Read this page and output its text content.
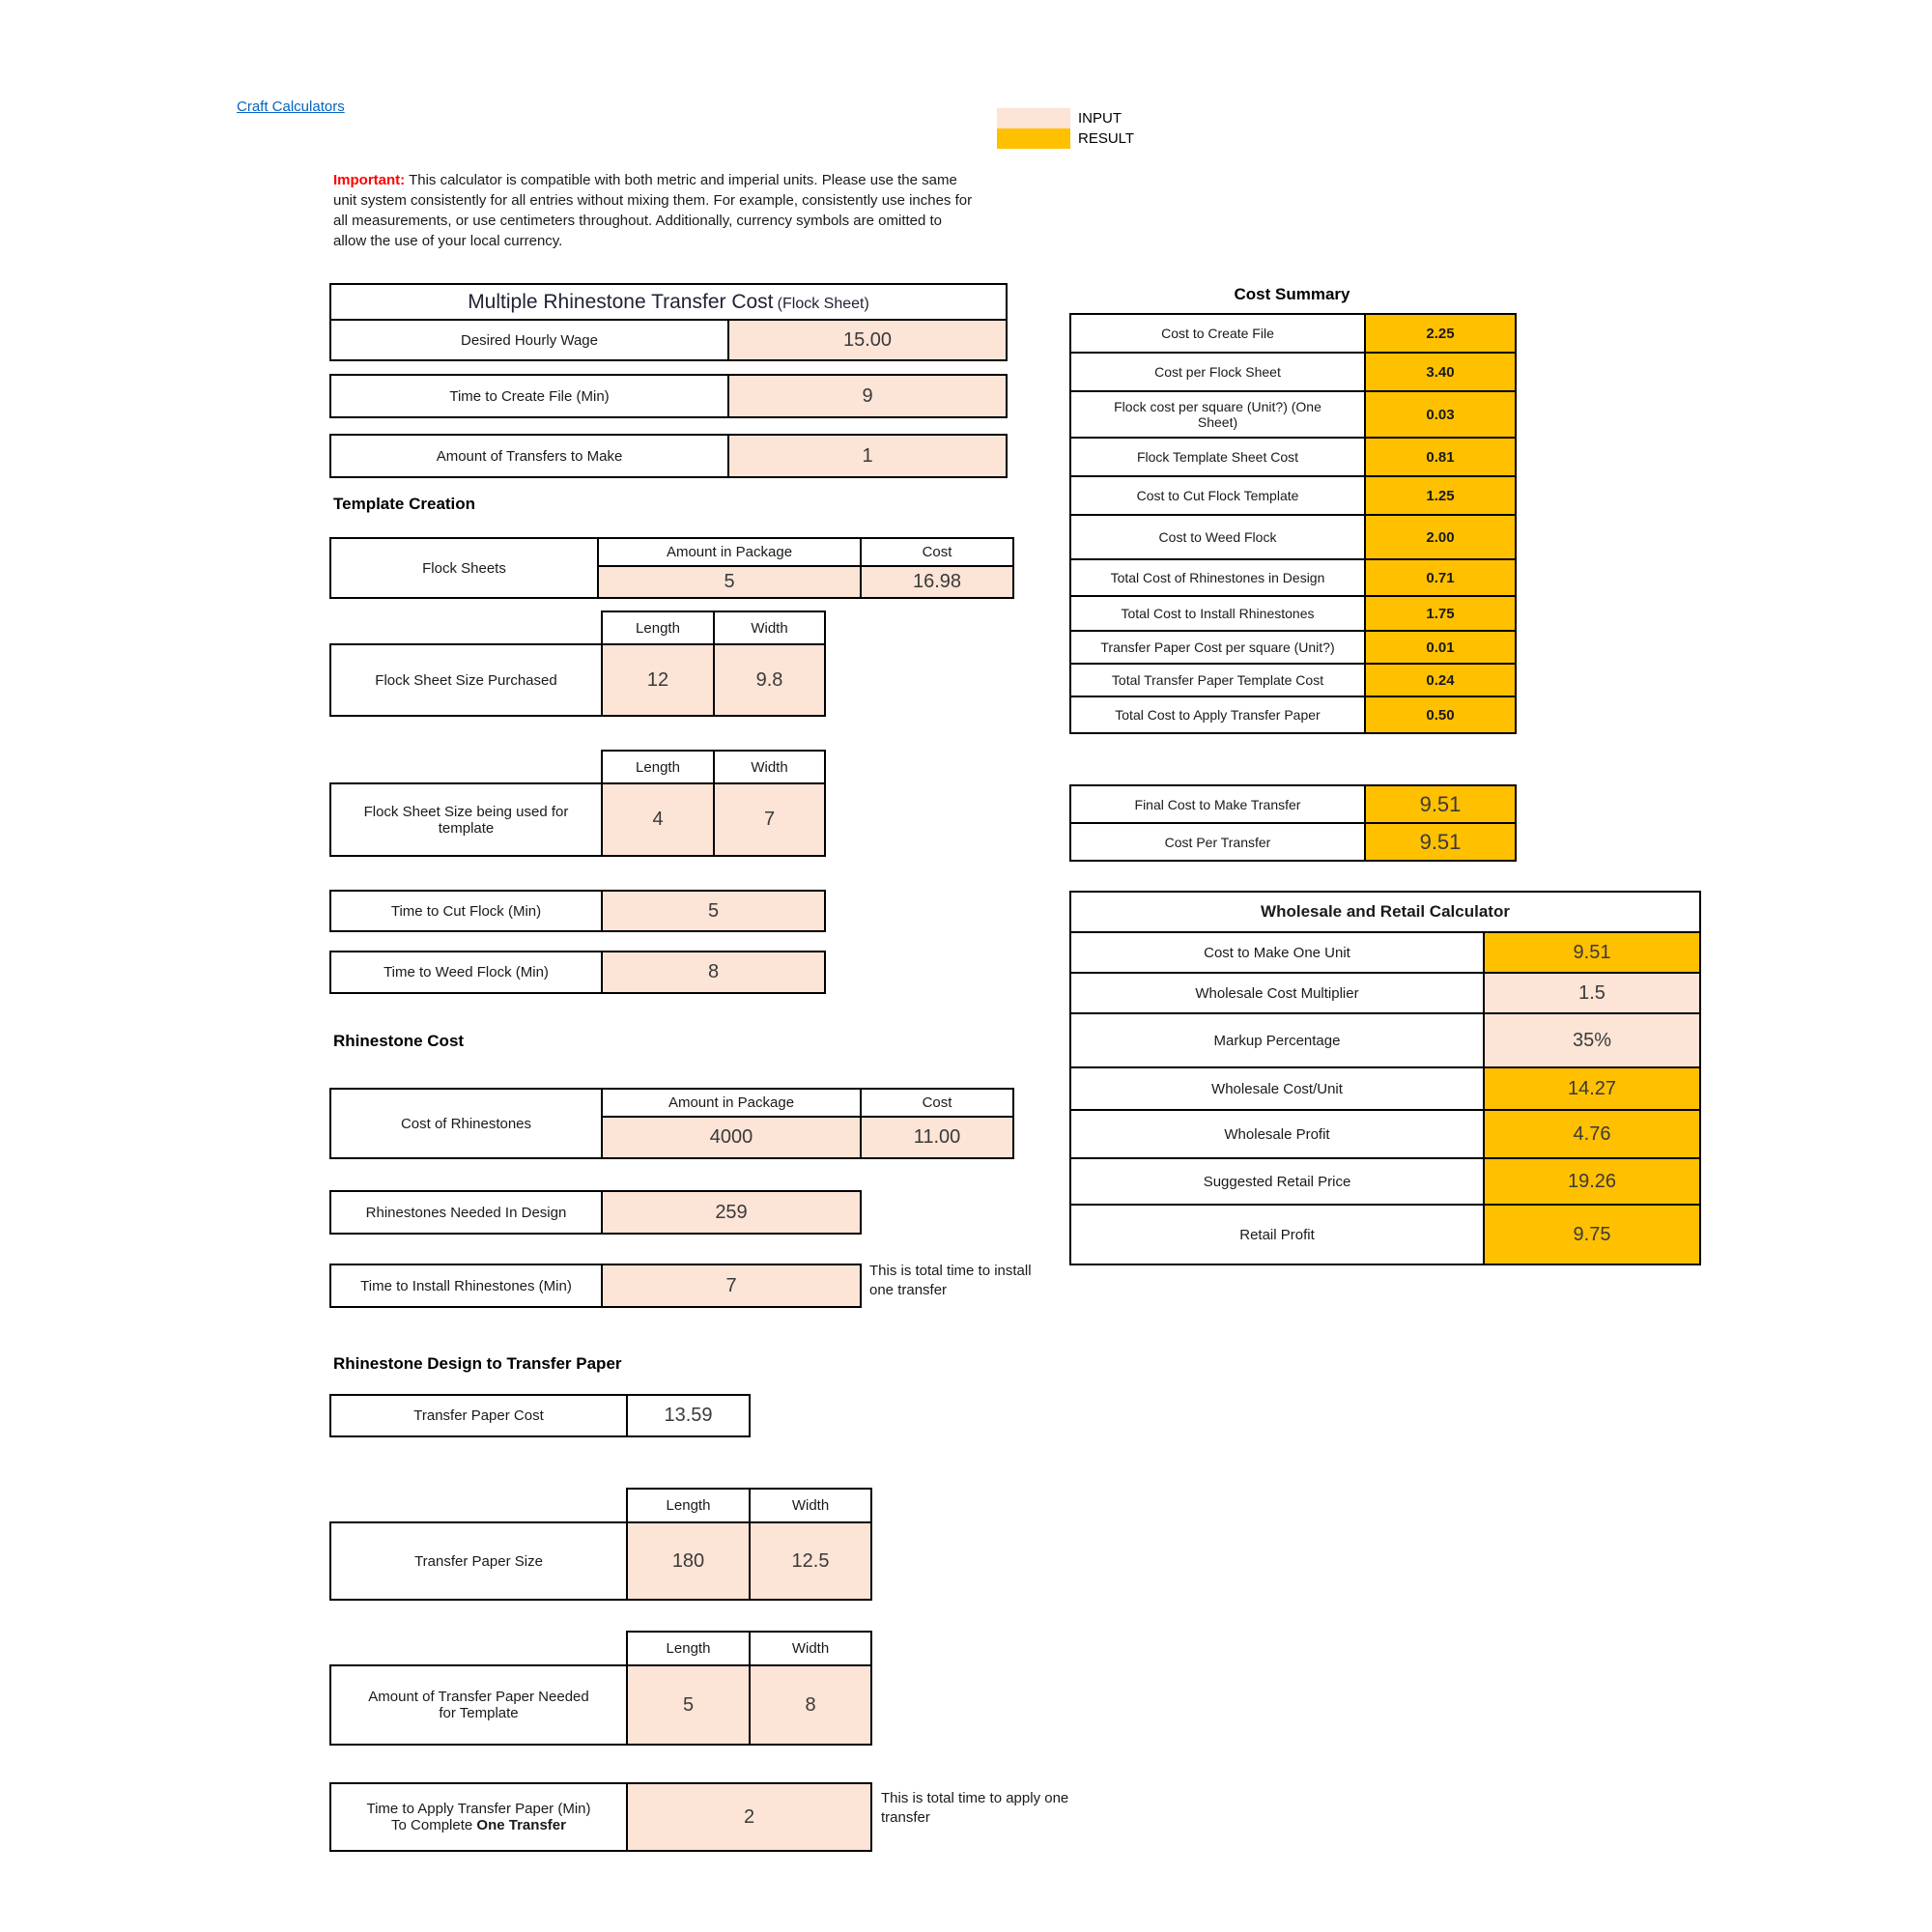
Craft Calculators
INPUT
RESULT
Important: This calculator is compatible with both metric and imperial units. Please use the same unit system consistently for all entries without mixing them. For example, consistently use inches for all measurements, or use centimeters throughout. Additionally, currency symbols are omitted to allow the use of your local currency.
Multiple Rhinestone Transfer Cost (Flock Sheet)
Desired Hourly Wage	15.00
Time to Create File (Min)	9
Amount of Transfers to Make	1
Template Creation
Flock Sheets	Amount in Package	Cost
	5	16.98
	Length	Width
Flock Sheet Size Purchased	12	9.8
	Length	Width
Flock Sheet Size being used for template	4	7
Time to Cut Flock (Min)	5
Time to Weed Flock (Min)	8
Rhinestone Cost
Cost of Rhinestones	Amount in Package	Cost
	4000	11.00
Rhinestones Needed In Design	259
Time to Install Rhinestones (Min)	7
This is total time to install one transfer
Rhinestone Design to Transfer Paper
Transfer Paper Cost	13.59
	Length	Width
Transfer Paper Size	180	12.5
	Length	Width
Amount of Transfer Paper Needed for Template	5	8
Time to Apply Transfer Paper (Min)
To Complete One Transfer	2
This is total time to apply one transfer
Cost Summary
Cost to Create File	2.25
Cost per Flock Sheet	3.40
Flock cost per square (Unit?) (One Sheet)	0.03
Flock Template Sheet Cost	0.81
Cost to Cut Flock Template	1.25
Cost to Weed Flock	2.00
Total Cost of Rhinestones in Design	0.71
Total Cost to Install Rhinestones	1.75
Transfer Paper Cost per square (Unit?)	0.01
Total Transfer Paper Template Cost	0.24
Total Cost to Apply Transfer Paper	0.50
Final Cost to Make Transfer	9.51
Cost Per Transfer	9.51
Wholesale and Retail Calculator	
Cost to Make One Unit	9.51
Wholesale Cost Multiplier	1.5
Markup Percentage	35%
Wholesale Cost/Unit	14.27
Wholesale Profit	4.76
Suggested Retail Price	19.26
Retail Profit	9.75
